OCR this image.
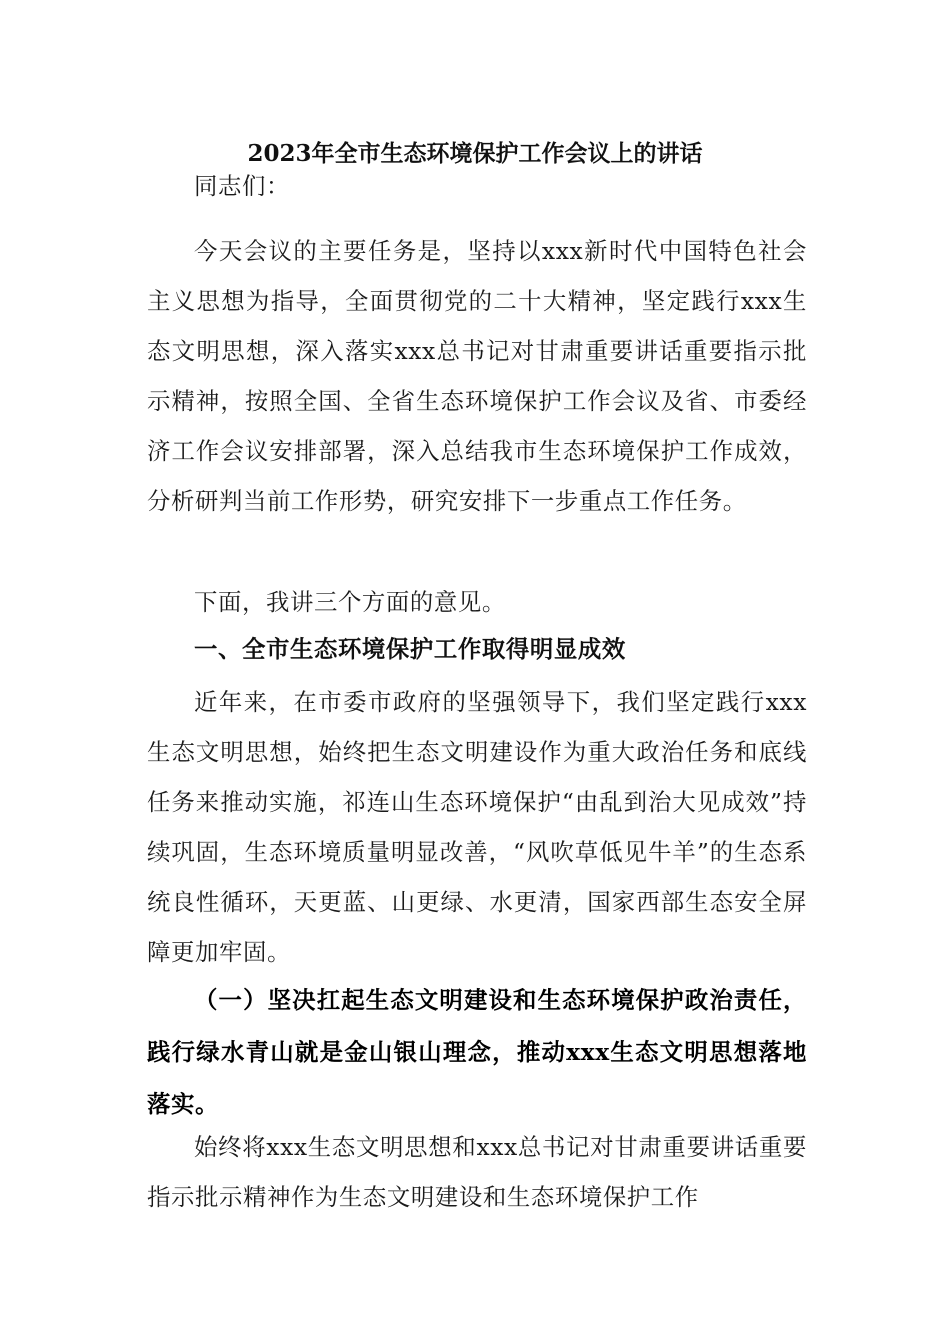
2023年全市生态环境保护工作会议上的讲话

同志们：

今天会议的主要任务是，坚持以xxx新时代中国特色社会主义思想为指导，全面贯彻党的二十大精神，坚定践行xxx生态文明思想，深入落实xxx总书记对甘肃重要讲话重要指示批示精神，按照全国、全省生态环境保护工作会议及省、市委经济工作会议安排部署，深入总结我市生态环境保护工作成效，分析研判当前工作形势，研究安排下一步重点工作任务。

下面，我讲三个方面的意见。

一、全市生态环境保护工作取得明显成效

近年来，在市委市政府的坚强领导下，我们坚定践行xxx生态文明思想，始终把生态文明建设作为重大政治任务和底线任务来推动实施，祁连山生态环境保护“由乱到治大见成效”持续巩固，生态环境质量明显改善，“风吹草低见牛羊”的生态系统良性循环，天更蓝、山更绿、水更清，国家西部生态安全屏障更加牢固。

（一）坚决扛起生态文明建设和生态环境保护政治责任，践行绿水青山就是金山银山理念，推动xxx生态文明思想落地落实。

始终将xxx生态文明思想和xxx总书记对甘肃重要讲话重要指示批示精神作为生态文明建设和生态环境保护工作
